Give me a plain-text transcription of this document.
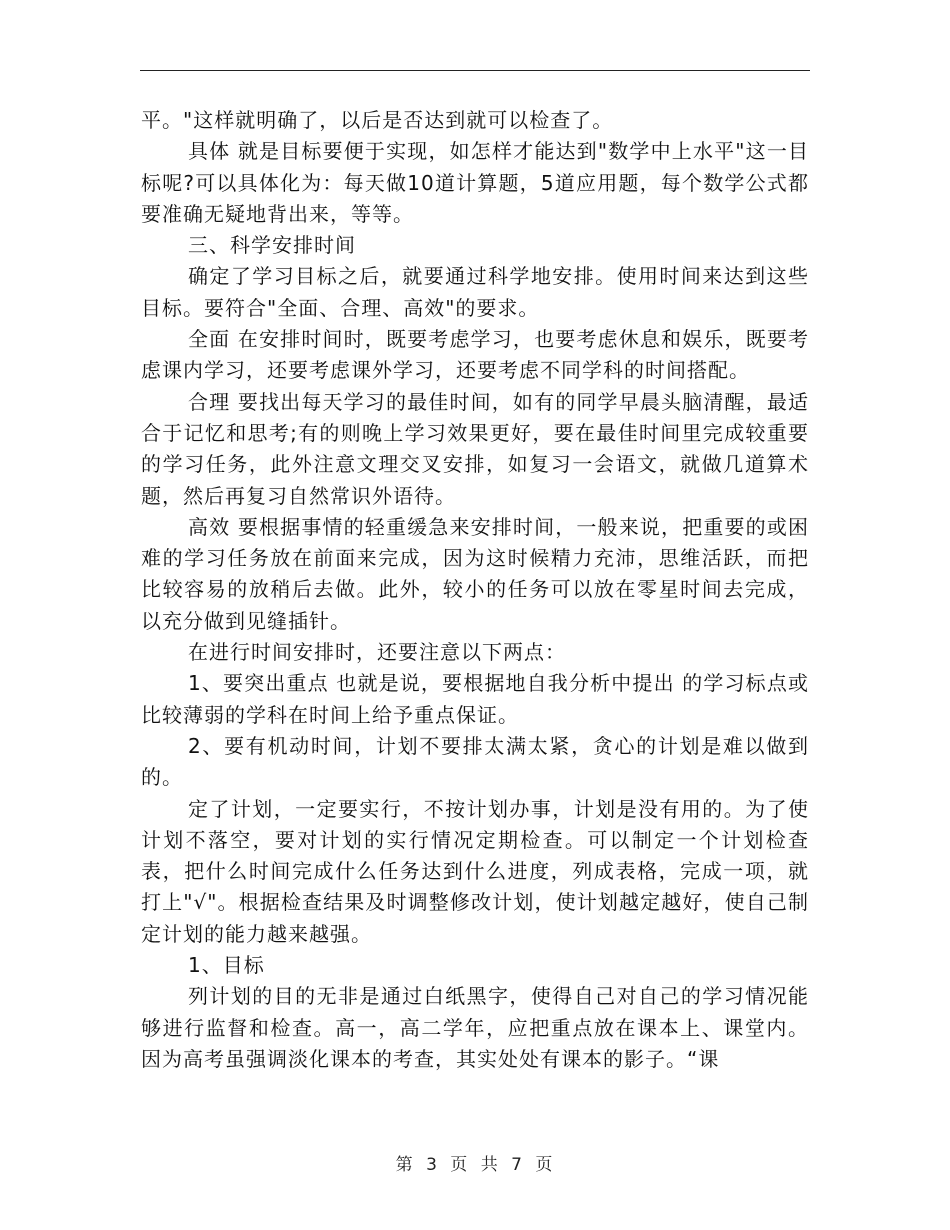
平。"这样就明确了，以后是否达到就可以检查了。

具体 就是目标要便于实现，如怎样才能达到"数学中上水平"这一目标呢?可以具体化为：每天做10道计算题，5道应用题，每个数学公式都要准确无疑地背出来，等等。

三、科学安排时间

确定了学习目标之后，就要通过科学地安排。使用时间来达到这些目标。要符合"全面、合理、高效"的要求。

全面 在安排时间时，既要考虑学习，也要考虑休息和娱乐，既要考虑课内学习，还要考虑课外学习，还要考虑不同学科的时间搭配。

合理 要找出每天学习的最佳时间，如有的同学早晨头脑清醒，最适合于记忆和思考;有的则晚上学习效果更好，要在最佳时间里完成较重要的学习任务，此外注意文理交叉安排，如复习一会语文，就做几道算术题，然后再复习自然常识外语待。

高效 要根据事情的轻重缓急来安排时间，一般来说，把重要的或困难的学习任务放在前面来完成，因为这时候精力充沛，思维活跃，而把比较容易的放稍后去做。此外，较小的任务可以放在零星时间去完成，以充分做到见缝插针。

在进行时间安排时，还要注意以下两点：

1、要突出重点 也就是说，要根据地自我分析中提出 的学习标点或比较薄弱的学科在时间上给予重点保证。

2、要有机动时间，计划不要排太满太紧，贪心的计划是难以做到的。

定了计划，一定要实行，不按计划办事，计划是没有用的。为了使计划不落空，要对计划的实行情况定期检查。可以制定一个计划检查表，把什么时间完成什么任务达到什么进度，列成表格，完成一项，就打上"√"。根据检查结果及时调整修改计划，使计划越定越好，使自己制定计划的能力越来越强。

1、目标

列计划的目的无非是通过白纸黑字，使得自己对自己的学习情况能够进行监督和检查。高一，高二学年，应把重点放在课本上、课堂内。因为高考虽强调淡化课本的考查，其实处处有课本的影子。“课

第 3 页 共 7 页
